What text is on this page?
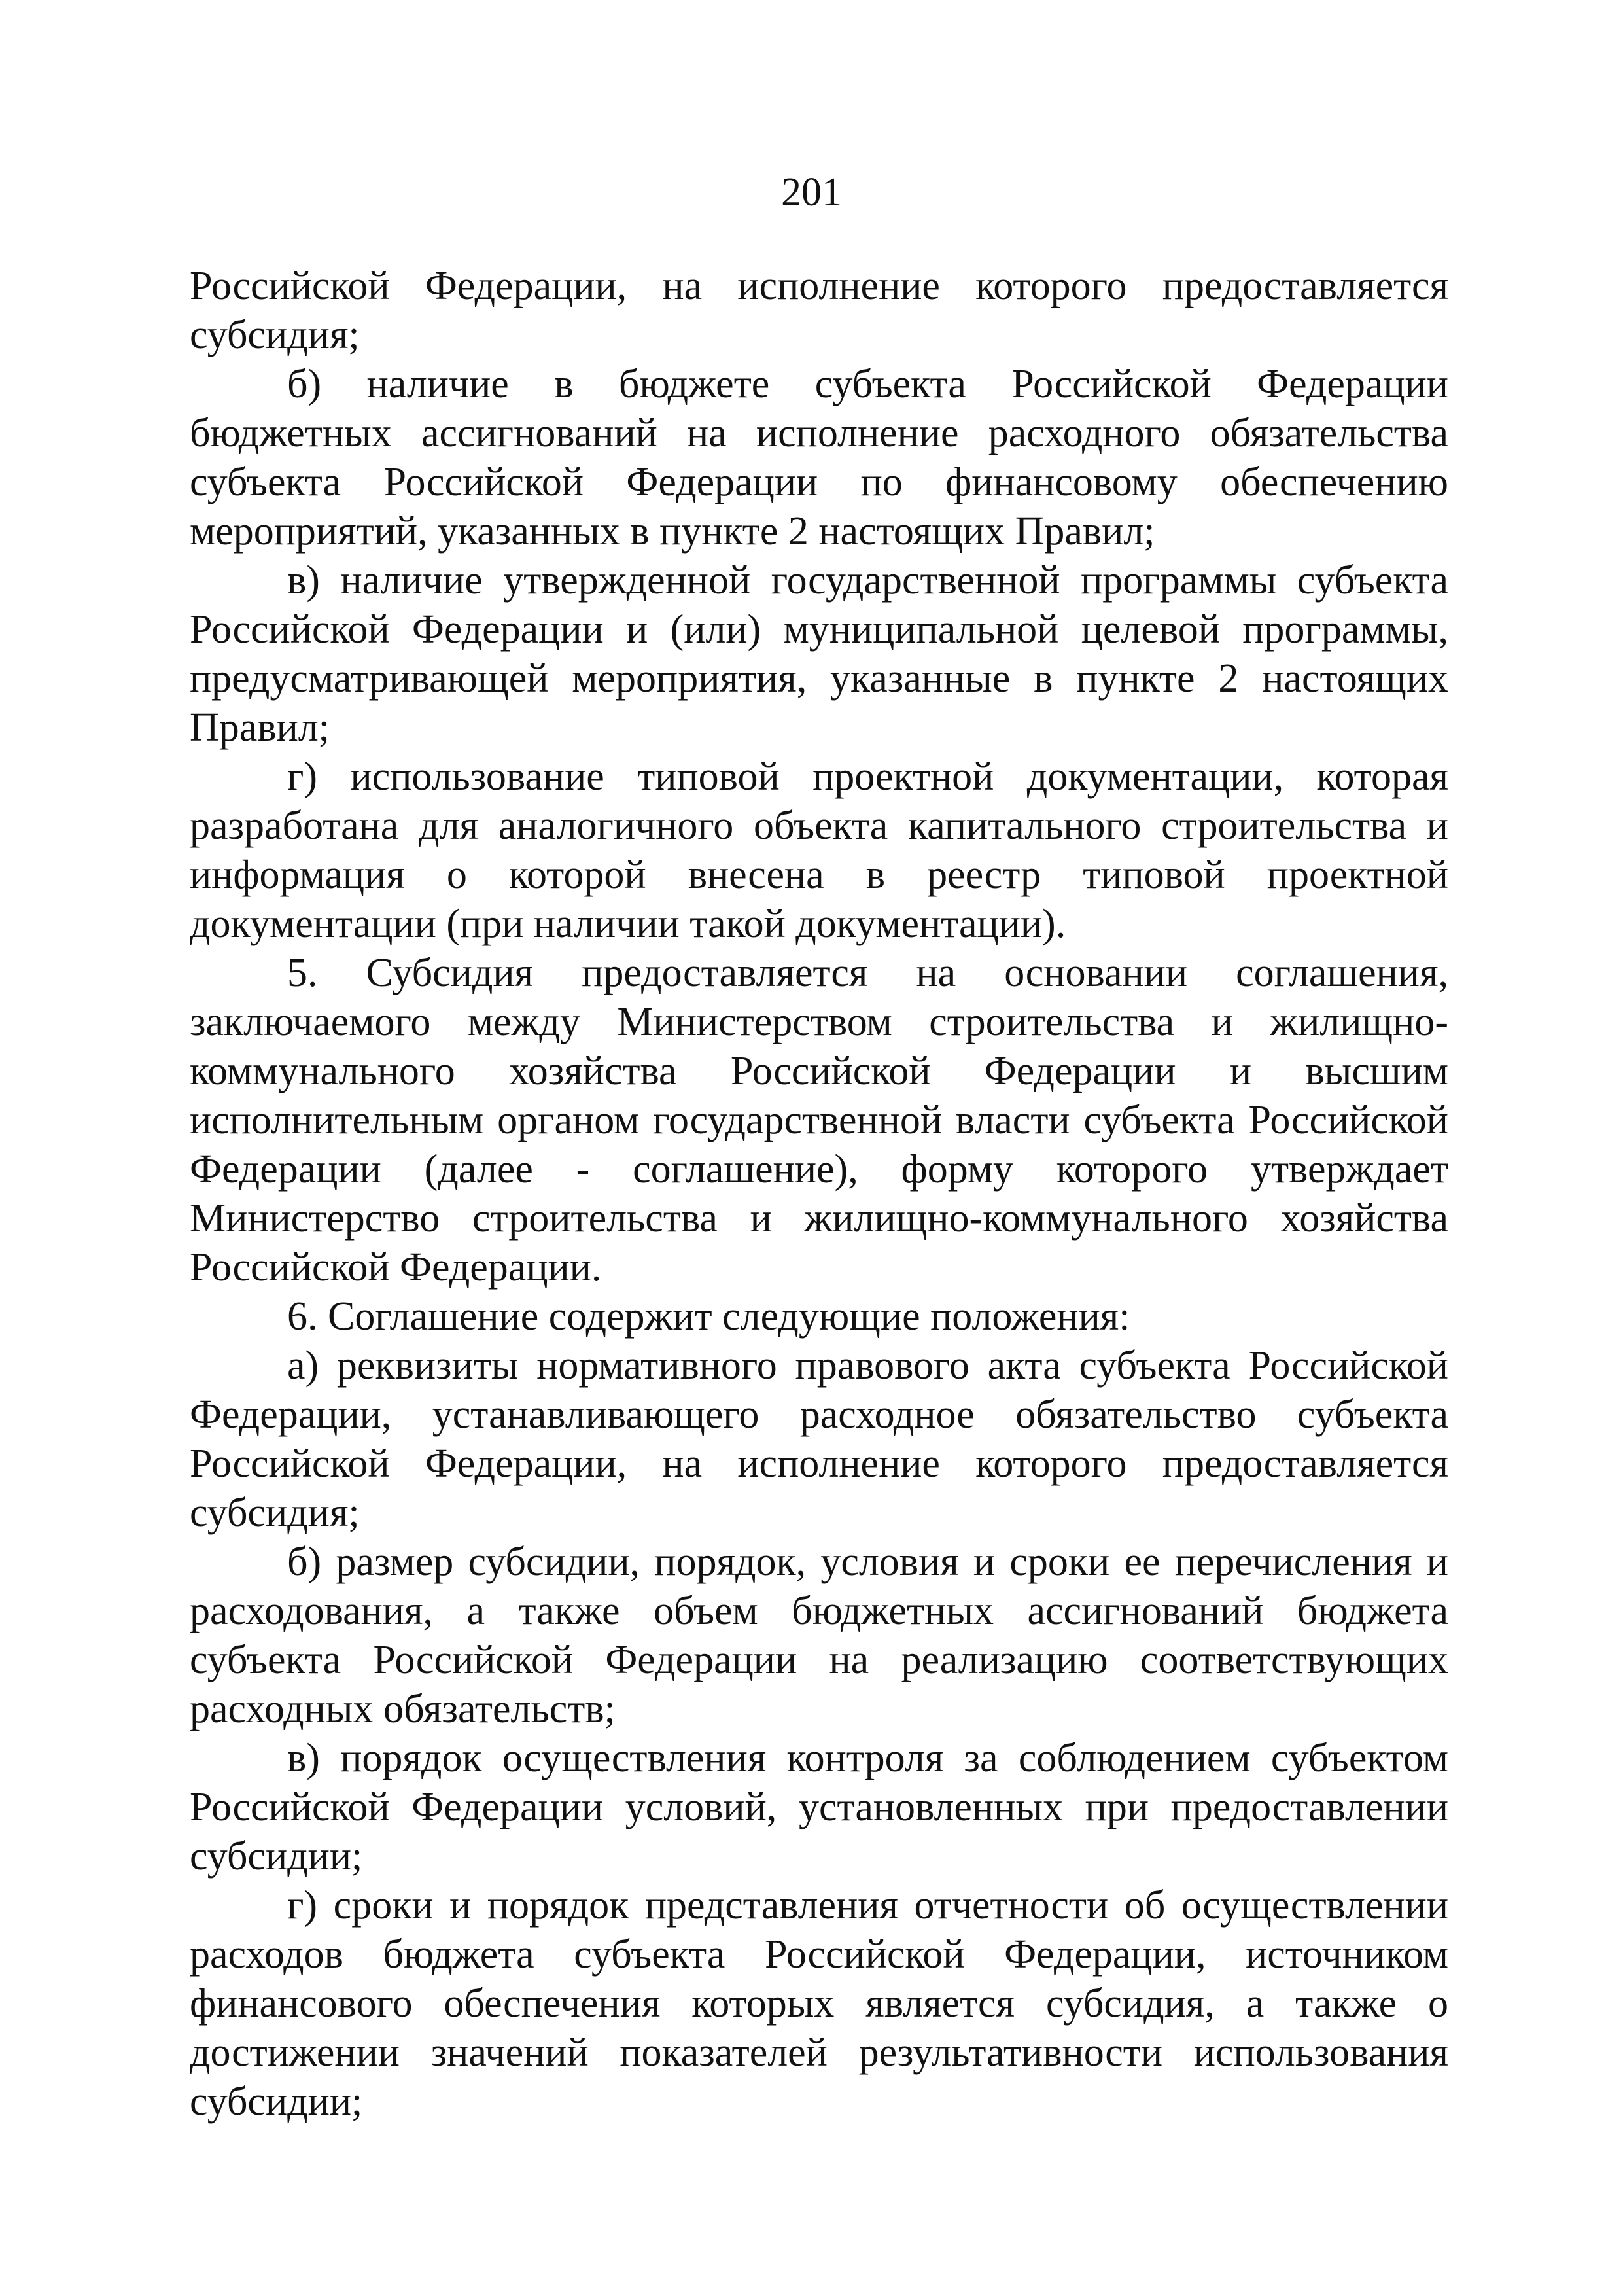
201

Российской Федерации, на исполнение которого предоставляется субсидия;

б) наличие в бюджете субъекта Российской Федерации бюджетных ассигнований на исполнение расходного обязательства субъекта Российской Федерации по финансовому обеспечению мероприятий, указанных в пункте 2 настоящих Правил;

в) наличие утвержденной государственной программы субъекта Российской Федерации и (или) муниципальной целевой программы, предусматривающей мероприятия, указанные в пункте 2 настоящих Правил;

г) использование типовой проектной документации, которая разработана для аналогичного объекта капитального строительства и информация о которой внесена в реестр типовой проектной документации (при наличии такой документации).

5. Субсидия предоставляется на основании соглашения, заключаемого между Министерством строительства и жилищно-коммунального хозяйства Российской Федерации и высшим исполнительным органом государственной власти субъекта Российской Федерации (далее - соглашение), форму которого утверждает Министерство строительства и жилищно-коммунального хозяйства Российской Федерации.

6. Соглашение содержит следующие положения:

а) реквизиты нормативного правового акта субъекта Российской Федерации, устанавливающего расходное обязательство субъекта Российской Федерации, на исполнение которого предоставляется субсидия;

б) размер субсидии, порядок, условия и сроки ее перечисления и расходования, а также объем бюджетных ассигнований бюджета субъекта Российской Федерации на реализацию соответствующих расходных обязательств;

в) порядок осуществления контроля за соблюдением субъектом Российской Федерации условий, установленных при предоставлении субсидии;

г) сроки и порядок представления отчетности об осуществлении расходов бюджета субъекта Российской Федерации, источником финансового обеспечения которых является субсидия, а также о достижении значений показателей результативности использования субсидии;
